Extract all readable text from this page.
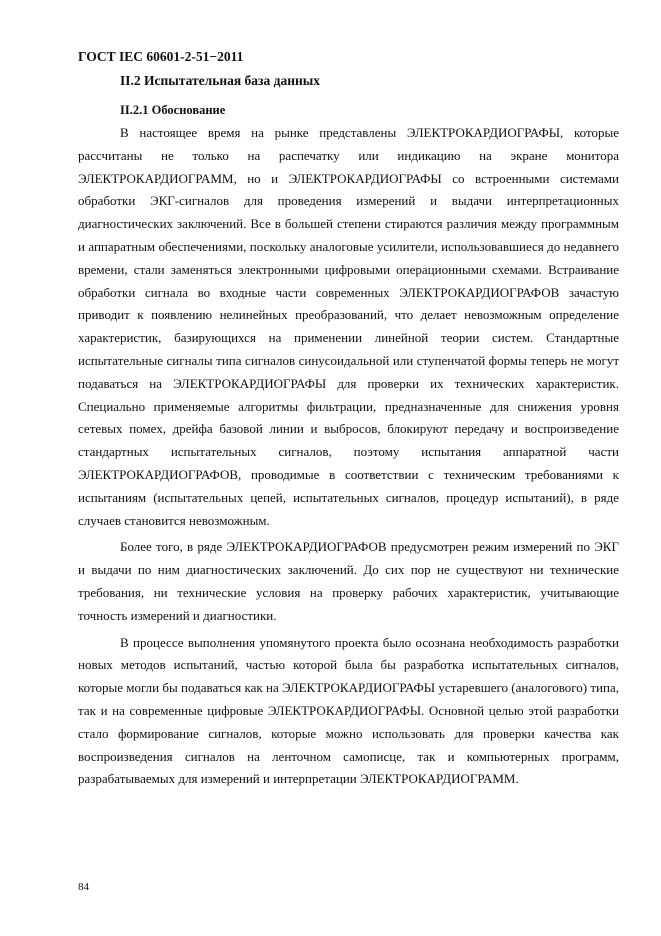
ГОСТ IEC 60601-2-51−2011
II.2 Испытательная база данных
II.2.1 Обоснование

В настоящее время на рынке представлены ЭЛЕКТРОКАРДИОГРАФЫ, которые рассчитаны не только на распечатку или индикацию на экране монитора ЭЛЕКТРОКАРДИОГРАММ, но и ЭЛЕКТРОКАРДИОГРАФЫ со встроенными системами обработки ЭКГ-сигналов для проведения измерений и выдачи интерпретационных диагностических заключений. Все в большей степени стираются различия между программным и аппаратным обеспечениями, поскольку аналоговые усилители, использовавшиеся до недавнего времени, стали заменяться электронными цифровыми операционными схемами. Встраивание обработки сигнала во входные части современных ЭЛЕКТРОКАРДИОГРАФОВ зачастую приводит к появлению нелинейных преобразований, что делает невозможным определение характеристик, базирующихся на применении линейной теории систем. Стандартные испытательные сигналы типа сигналов синусоидальной или ступенчатой формы теперь не могут подаваться на ЭЛЕКТРОКАРДИОГРАФЫ для проверки их технических характеристик. Специально применяемые алгоритмы фильтрации, предназначенные для снижения уровня сетевых помех, дрейфа базовой линии и выбросов, блокируют передачу и воспроизведение стандартных испытательных сигналов, поэтому испытания аппаратной части ЭЛЕКТРОКАРДИОГРАФОВ, проводимые в соответствии с техническим требованиями к испытаниям (испытательных цепей, испытательных сигналов, процедур испытаний), в ряде случаев становится невозможным.

Более того, в ряде ЭЛЕКТРОКАРДИОГРАФОВ предусмотрен режим измерений по ЭКГ и выдачи по ним диагностических заключений. До сих пор не существуют ни технические требования, ни технические условия на проверку рабочих характеристик, учитывающие точность измерений и диагностики.

В процессе выполнения упомянутого проекта было осознана необходимость разработки новых методов испытаний, частью которой была бы разработка испытательных сигналов, которые могли бы подаваться как на ЭЛЕКТРОКАРДИОГРАФЫ устаревшего (аналогового) типа, так и на современные цифровые ЭЛЕКТРОКАРДИОГРАФЫ. Основной целью этой разработки стало формирование сигналов, которые можно использовать для проверки качества как воспроизведения сигналов на ленточном самописце, так и компьютерных программ, разрабатываемых для измерений и интерпретации ЭЛЕКТРОКАРДИОГРАММ.

84
